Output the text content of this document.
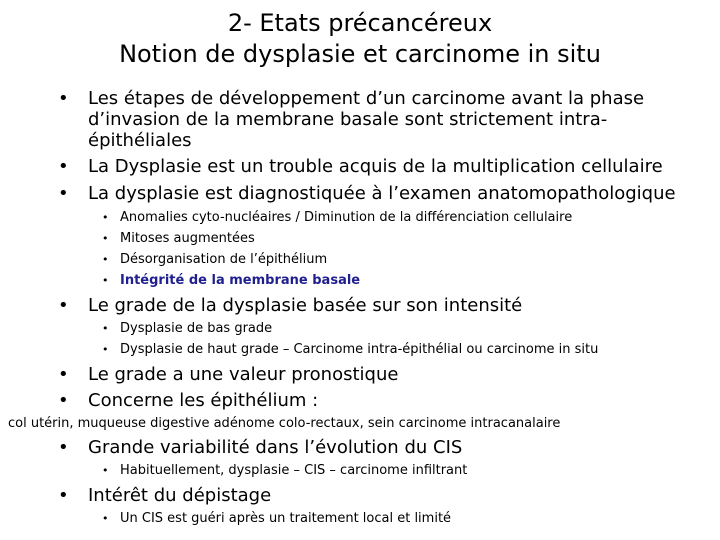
2- Etats précancéreux
Notion de dysplasie et carcinome in situ
• Les étapes de développement d’un carcinome avant la phase
d’invasion de la membrane basale sont strictement intra-
épithéliales
• La Dysplasie est un trouble acquis de la multiplication cellulaire
• La dysplasie est diagnostiquée à l’examen anatomopathologique
• Anomalies cyto-nucléaires / Diminution de la différenciation cellulaire
• Mitoses augmentées
• Désorganisation de l’épithélium
• Intégrité de la membrane basale
• Le grade de la dysplasie basée sur son intensité
• Dysplasie de bas grade
• Dysplasie de haut grade – Carcinome intra-épithélial ou carcinome in situ
• Le grade a une valeur pronostique
• Concerne les épithélium :
col utérin, muqueuse digestive adénome colo-rectaux, sein carcinome intracanalaire
• Grande variabilité dans l’évolution du CIS
• Habituellement, dysplasie – CIS – carcinome infiltrant
• Intérêt du dépistage
• Un CIS est guéri après un traitement local et limité
